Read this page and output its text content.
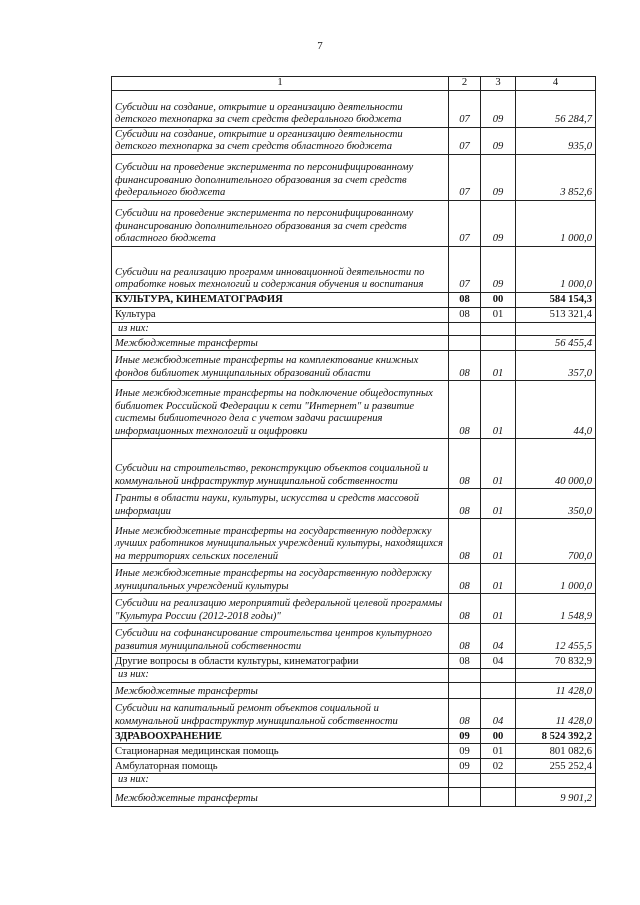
7
1	2	3	4
Субсидии на создание, открытие и организацию деятельности детского технопарка за счет средств федерального бюджета	07	09	56 284,7
Субсидии на создание, открытие и организацию деятельности детского технопарка за счет средств областного бюджета	07	09	935,0
Субсидии на проведение эксперимента по персонифицированному финансированию дополнительного образования за счет средств федерального бюджета	07	09	3 852,6
Субсидии на проведение эксперимента по персонифицированному финансированию дополнительного образования за счет средств областного бюджета	07	09	1 000,0
Субсидии на реализацию программ инновационной деятельности по отработке новых технологий и содержания обучения и воспитания	07	09	1 000,0
КУЛЬТУРА, КИНЕМАТОГРАФИЯ	08	00	584 154,3
Культура	08	01	513 321,4
из них:			
Межбюджетные трансферты			56 455,4
Иные межбюджетные трансферты на комплектование книжных фондов библиотек муниципальных образований области	08	01	357,0
Иные межбюджетные трансферты на подключение общедоступных библиотек Российской Федерации к сети "Интернет" и развитие системы библиотечного дела с учетом задачи расширения информационных технологий и оцифровки	08	01	44,0
Субсидии на строительство, реконструкцию объектов социальной и коммунальной инфраструктур муниципальной собственности	08	01	40 000,0
Гранты в области науки, культуры, искусства и средств массовой информации	08	01	350,0
Иные межбюджетные трансферты на государственную поддержку лучших работников муниципальных учреждений культуры, находящихся на территориях сельских поселений	08	01	700,0
Иные межбюджетные трансферты на государственную поддержку муниципальных учреждений культуры	08	01	1 000,0
Субсидии на реализацию мероприятий федеральной целевой программы "Культура России (2012-2018 годы)"	08	01	1 548,9
Субсидии на софинансирование строительства центров культурного развития муниципальной собственности	08	04	12 455,5
Другие вопросы в области культуры, кинематографии	08	04	70 832,9
из них:			
Межбюджетные трансферты			11 428,0
Субсидии на капитальный ремонт объектов социальной и коммунальной инфраструктур муниципальной собственности	08	04	11 428,0
ЗДРАВООХРАНЕНИЕ	09	00	8 524 392,2
Стационарная медицинская помощь	09	01	801 082,6
Амбулаторная помощь	09	02	255 252,4
из них:			
Межбюджетные трансферты			9 901,2
